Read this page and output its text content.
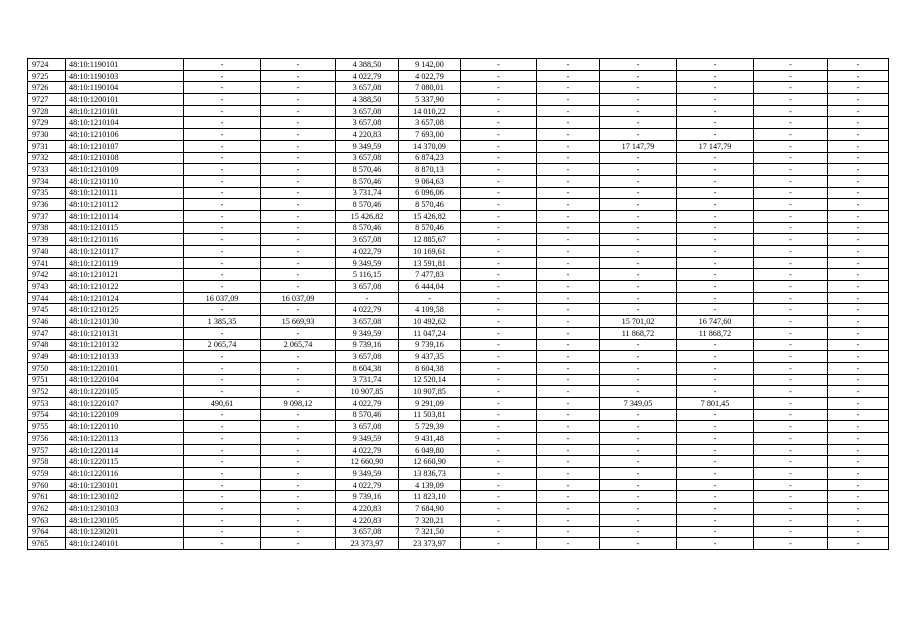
9724	48:10:1190101	-	-	4 388,50	9 142,00	-	-	-	-	-	-
9725	48:10:1190103	-	-	4 022,79	4 022,79	-	-	-	-	-	-
9726	48:10:1190104	-	-	3 657,08	7 080,01	-	-	-	-	-	-
9727	48:10:1200101	-	-	4 388,50	5 337,90	-	-	-	-	-	-
9728	48:10:1210101	-	-	3 657,08	14 010,22	-	-	-	-	-	-
9729	48:10:1210104	-	-	3 657,08	3 657,08	-	-	-	-	-	-
9730	48:10:1210106	-	-	4 220,83	7 693,00	-	-	-	-	-	-
9731	48:10:1210107	-	-	9 349,59	14 370,09	-	-	17 147,79	17 147,79	-	-
9732	48:10:1210108	-	-	3 657,08	6 874,23	-	-	-	-	-	-
9733	48:10:1210109	-	-	8 570,46	8 870,13	-	-	-	-	-	-
9734	48:10:1210110	-	-	8 570,46	9 064,63	-	-	-	-	-	-
9735	48:10:1210111	-	-	3 731,74	6 096,06	-	-	-	-	-	-
9736	48:10:1210112	-	-	8 570,46	8 570,46	-	-	-	-	-	-
9737	48:10:1210114	-	-	15 426,82	15 426,82	-	-	-	-	-	-
9738	48:10:1210115	-	-	8 570,46	8 570,46	-	-	-	-	-	-
9739	48:10:1210116	-	-	3 657,08	12 885,67	-	-	-	-	-	-
9740	48:10:1210117	-	-	4 022,79	10 169,61	-	-	-	-	-	-
9741	48:10:1210119	-	-	9 349,59	13 591,81	-	-	-	-	-	-
9742	48:10:1210121	-	-	5 116,15	7 477,83	-	-	-	-	-	-
9743	48:10:1210122	-	-	3 657,08	6 444,04	-	-	-	-	-	-
9744	48:10:1210124	16 037,09	16 037,09	-	-	-	-	-	-	-	-
9745	48:10:1210125	-	-	4 022,79	4 109,58	-	-	-	-	-	-
9746	48:10:1210130	1 385,35	15 669,93	3 657,08	10 492,62	-	-	15 701,02	16 747,60	-	-
9747	48:10:1210131	-	-	9 349,59	11 047,24	-	-	11 868,72	11 868,72	-	-
9748	48:10:1210132	2 065,74	2 065,74	9 739,16	9 739,16	-	-	-	-	-	-
9749	48:10:1210133	-	-	3 657,08	9 437,35	-	-	-	-	-	-
9750	48:10:1220101	-	-	8 604,38	8 604,38	-	-	-	-	-	-
9751	48:10:1220104	-	-	3 731,74	12 520,14	-	-	-	-	-	-
9752	48:10:1220105	-	-	10 907,85	10 907,85	-	-	-	-	-	-
9753	48:10:1220107	490,61	9 098,12	4 022,79	9 291,09	-	-	7 349,05	7 801,45	-	-
9754	48:10:1220109	-	-	8 570,46	11 503,81	-	-	-	-	-	-
9755	48:10:1220110	-	-	3 657,08	5 729,39	-	-	-	-	-	-
9756	48:10:1220113	-	-	9 349,59	9 431,48	-	-	-	-	-	-
9757	48:10:1220114	-	-	4 022,79	6 049,80	-	-	-	-	-	-
9758	48:10:1220115	-	-	12 660,90	12 660,90	-	-	-	-	-	-
9759	48:10:1220116	-	-	9 349,59	13 836,73	-	-	-	-	-	-
9760	48:10:1230101	-	-	4 022,79	4 139,09	-	-	-	-	-	-
9761	48:10:1230102	-	-	9 739,16	11 823,10	-	-	-	-	-	-
9762	48:10:1230103	-	-	4 220,83	7 684,90	-	-	-	-	-	-
9763	48:10:1230105	-	-	4 220,83	7 320,21	-	-	-	-	-	-
9764	48:10:1230201	-	-	3 657,08	7 321,50	-	-	-	-	-	-
9765	48:10:1240101	-	-	23 373,97	23 373,97	-	-	-	-	-	-
